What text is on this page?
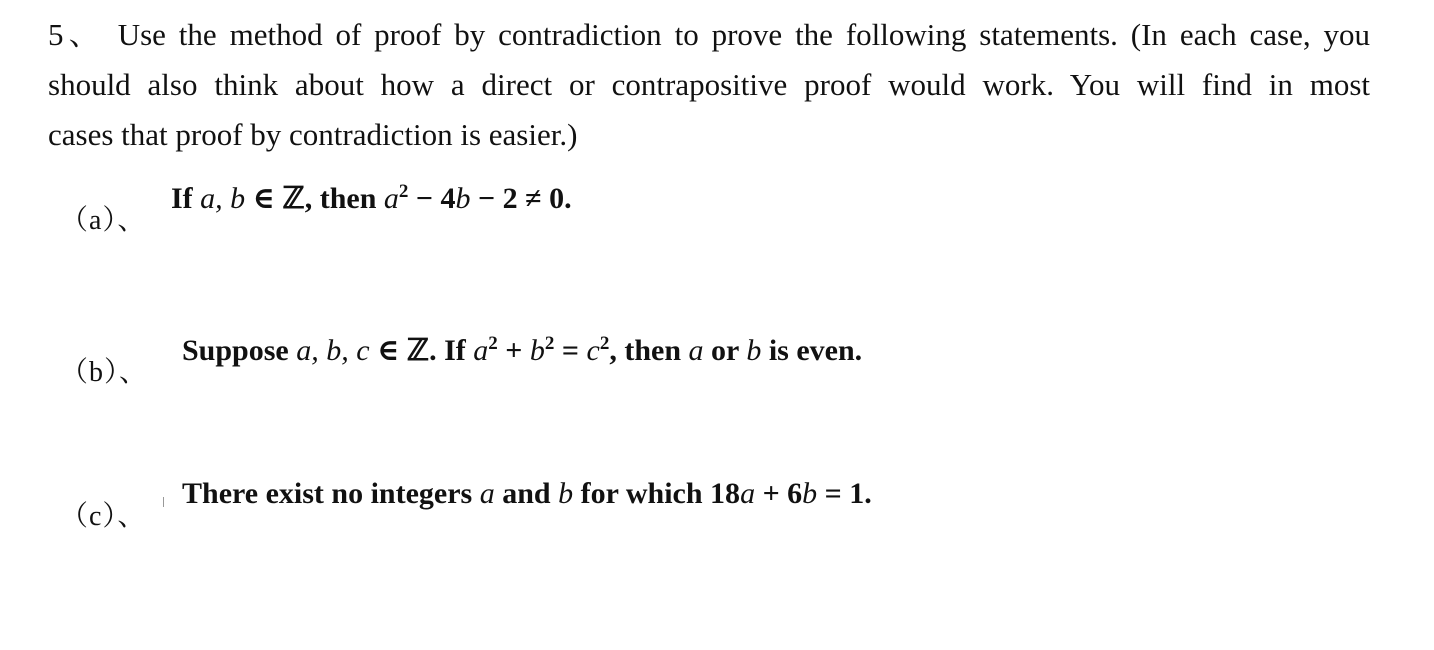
5、 Use the method of proof by contradiction to prove the following statements. (In each case, you
should also think about how a direct or contrapositive proof would work. You will find in most
cases that proof by contradiction is easier.)
（a）、
If a, b ∈ ℤ, then $a^2 - 4b - 2 \ne 0$.
（b）、
Suppose a, b, c ∈ ℤ. If $a^2 + b^2 = c^2$, then a or b is even.
（c）、
There exist no integers a and b for which 18a + 6b = 1.
